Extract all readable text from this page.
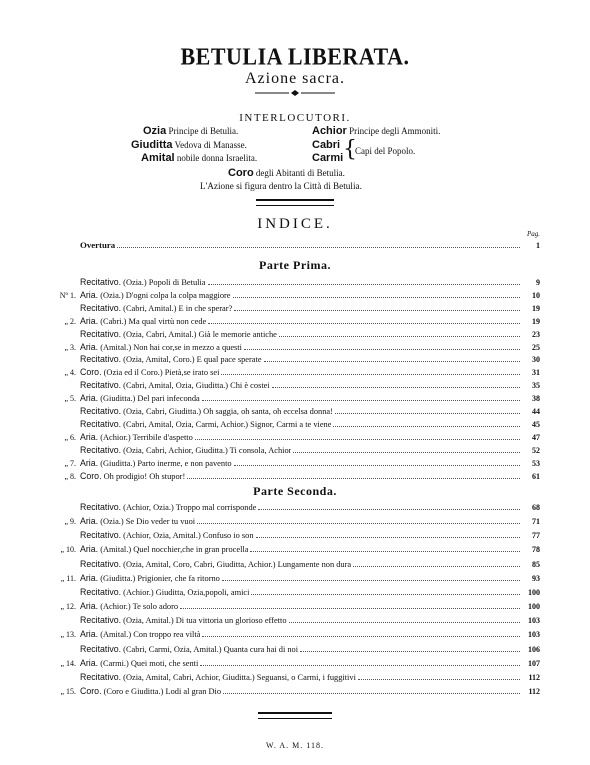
BETULIA LIBERATA.
Azione sacra.
INTERLOCUTORI.
Ozia Principe di Betulia.	Achior Principe degli Ammoniti.
Giuditta Vedova di Manasse.	Cabri
Amital nobile donna Israelita.	Carmi {
Capi del Popolo.
Coro degli Abitanti di Betulia.
L'Azione si figura dentro la Città di Betulia.
INDICE.
Pag.
Overtura	1
Parte Prima.
Recitativo. (Ozia.) Popoli di Betulia	9
Nº 1. Aria. (Ozia.) D'ogni colpa la colpa maggiore	10
Recitativo. (Cabri, Amital.) E in che sperar?	19
„ 2. Aria. (Cabri.) Ma qual virtù non cede	19
Recitativo. (Ozia, Cabri, Amital.) Già le memorie antiche	23
„ 3. Aria. (Amital.) Non hai cor,se in mezzo a questi	25
Recitativo. (Ozia, Amital, Coro.) E qual pace sperate	30
„ 4. Coro. (Ozia ed il Coro.) Pietà,se irato sei	31
Recitativo. (Cabri, Amital, Ozia, Giuditta.) Chi è costei	35
„ 5. Aria. (Giuditta.) Del pari infeconda	38
Recitativo. (Ozia, Cabri, Giuditta.) Oh saggia, oh santa, oh eccelsa donna!	44
Recitativo. (Cabri, Amital, Ozia, Carmi, Achior.) Signor, Carmi a te viene	45
„ 6. Aria. (Achior.) Terribile d'aspetto	47
Recitativo. (Ozia, Cabri, Achior, Giuditta.) Ti consola, Achior	52
„ 7. Aria. (Giuditta.) Parto inerme, e non pavento	53
„ 8. Coro. Oh prodigio! Oh stupor!	61
Parte Seconda.
Recitativo. (Achior, Ozia.) Troppo mal corrisponde	68
„ 9. Aria. (Ozia.) Se Dio veder tu vuoi	71
Recitativo. (Achior, Ozia, Amital.) Confuso io son	77
„ 10. Aria. (Amital.) Quel nocchier,che in gran procella	78
Recitativo. (Ozia, Amital, Coro, Cabri, Giuditta, Achior.) Lungamente non dura	85
„ 11. Aria. (Giuditta.) Prigionier, che fa ritorno	93
Recitativo. (Achior.) Giuditta, Ozia,popoli, amici	100
„ 12. Aria. (Achior.) Te solo adoro	100
Recitativo. (Ozia, Amital.) Di tua vittoria un glorioso effetto	103
„ 13. Aria. (Amital.) Con troppo rea viltà	103
Recitativo. (Cabri, Carmi, Ozia, Amital.) Quanta cura hai di noi	106
„ 14. Aria. (Carmi.) Quei moti, che senti	107
Recitativo. (Ozia, Amital, Cabri, Achior, Giuditta.) Seguansi, o Carmi, i fuggitivi	112
„ 15. Coro. (Coro e Giuditta.) Lodi al gran Dio	112
W. A. M. 118.
